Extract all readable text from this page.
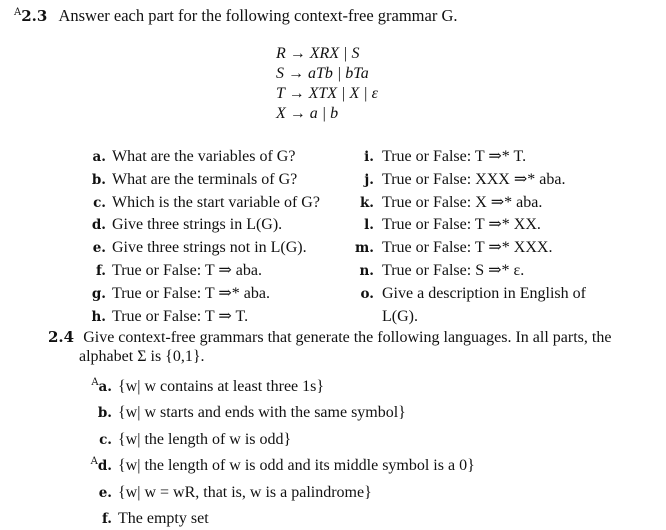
$^A$2.3 Answer each part for the following context-free grammar G.
R → XRX | S
S → aTb | bTa
T → XTX | X | ε
X → a | b
a. What are the variables of G?
b. What are the terminals of G?
c. Which is the start variable of G?
d. Give three strings in L(G).
e. Give three strings not in L(G).
f. True or False: T ⇒ aba.
g. True or False: T ⇒* aba.
h. True or False: T ⇒ T.
i. True or False: T ⇒* T.
j. True or False: XXX ⇒* aba.
k. True or False: X ⇒* aba.
l. True or False: T ⇒* XX.
m. True or False: T ⇒* XXX.
n. True or False: S ⇒* ε.
o. Give a description in English of
L(G).
2.4 Give context-free grammars that generate the following languages. In all parts, the
alphabet Σ is {0,1}.
$^A$a. {w| w contains at least three 1s}
b. {w| w starts and ends with the same symbol}
c. {w| the length of w is odd}
$^A$d. {w| the length of w is odd and its middle symbol is a 0}
e. {w| w = wR, that is, w is a palindrome}
f. The empty set
